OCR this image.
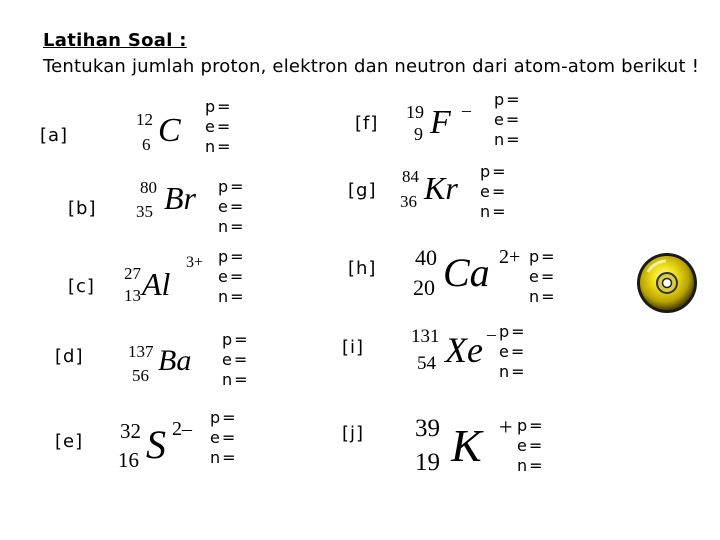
Latihan Soal :
Tentukan jumlah proton, elektron dan neutron dari atom-atom berikut !
[a]
12
6 C
p=
e=
n=
[b]
80
35 Br p=
e=
n=
[c]
27
13 Al
3+ p=
e=
n=
[d]	137
56 Ba
p=
e=
n=
[e] 32
16 S 2–
p=
e=
n=
[f]
19
9 F –
p=
e=
n=
[g]
84
36 Kr p=
e=
n=
[h] 40
20 Ca 2+ p=
e=
n=
[i]
131
54 Xe – p=
e=
n=
[j] 39
19 K + p=
e=
n=
